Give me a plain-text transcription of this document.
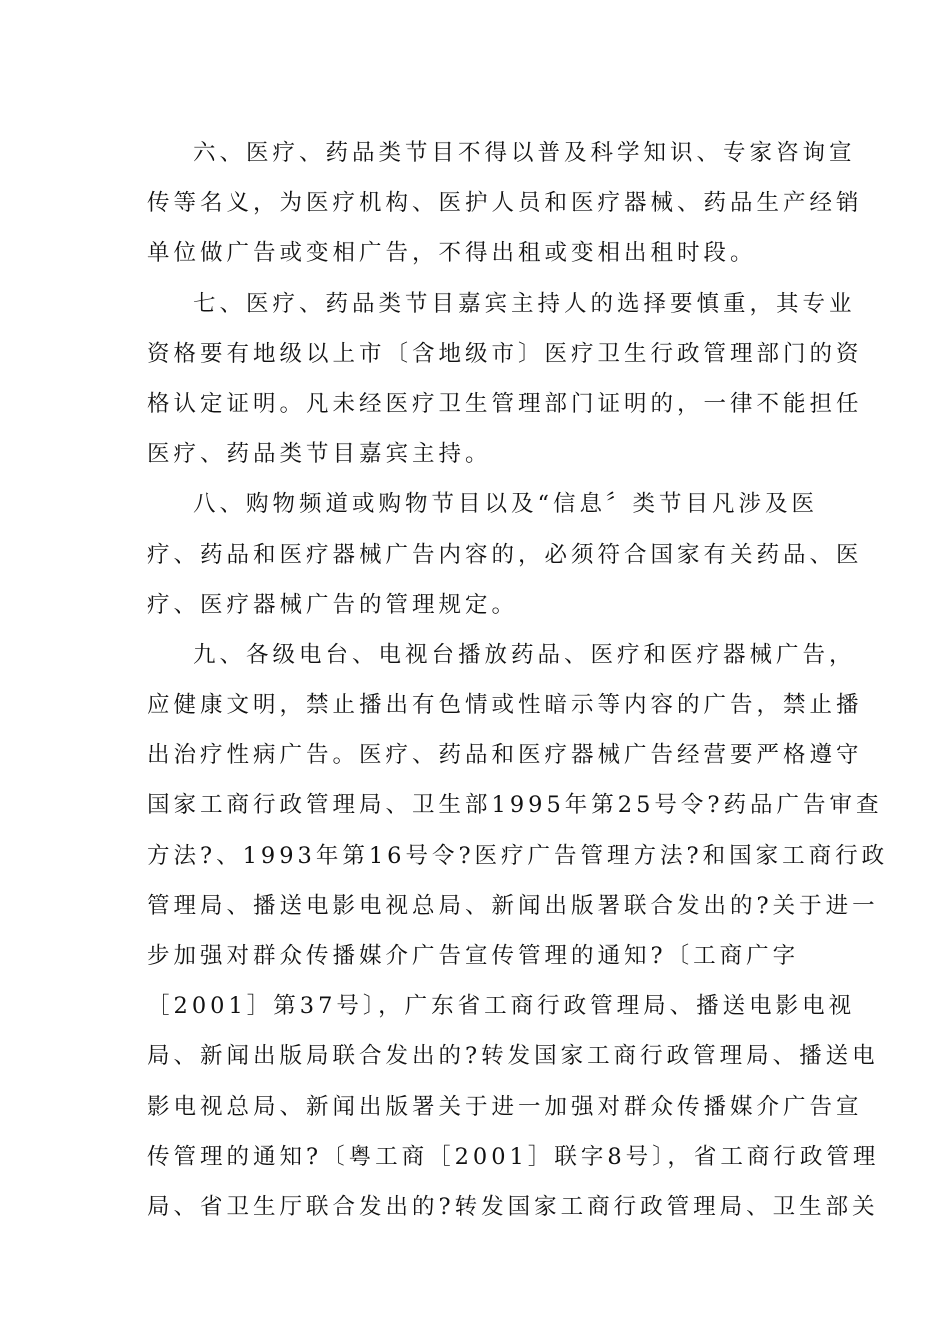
六、医疗、药品类节目不得以普及科学知识、专家咨询宣
传等名义，为医疗机构、医护人员和医疗器械、药品生产经销
单位做广告或变相广告，不得出租或变相出租时段。
七、医疗、药品类节目嘉宾主持人的选择要慎重，其专业
资格要有地级以上市〔含地级市〕医疗卫生行政管理部门的资
格认定证明。凡未经医疗卫生管理部门证明的，一律不能担任
医疗、药品类节目嘉宾主持。
八、购物频道或购物节目以及“信息〞类节目凡涉及医
疗、药品和医疗器械广告内容的，必须符合国家有关药品、医
疗、医疗器械广告的管理规定。
九、各级电台、电视台播放药品、医疗和医疗器械广告，
应健康文明，禁止播出有色情或性暗示等内容的广告，禁止播
出治疗性病广告。医疗、药品和医疗器械广告经营要严格遵守
国家工商行政管理局、卫生部1995年第25号令?药品广告审查
方法?、1993年第16号令?医疗广告管理方法?和国家工商行政
管理局、播送电影电视总局、新闻出版署联合发出的?关于进一
步加强对群众传播媒介广告宣传管理的通知?〔工商广字
［2001］第37号〕，广东省工商行政管理局、播送电影电视
局、新闻出版局联合发出的?转发国家工商行政管理局、播送电
影电视总局、新闻出版署关于进一加强对群众传播媒介广告宣
传管理的通知?〔粤工商［2001］联字8号〕，省工商行政管理
局、省卫生厅联合发出的?转发国家工商行政管理局、卫生部关
